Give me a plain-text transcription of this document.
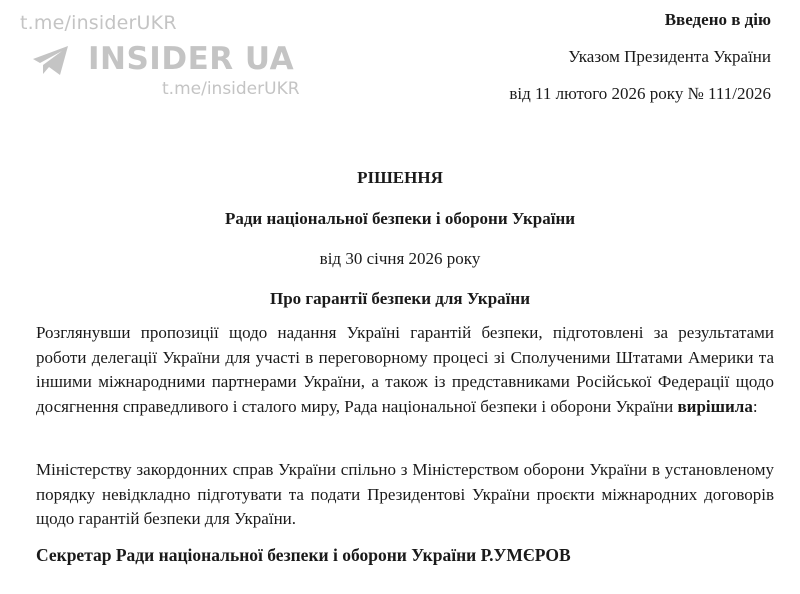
t.me/insiderUKR
INSIDER UA
t.me/insiderUKR
Введено в дію
Указом Президента України
від 11 лютого 2026 року № 111/2026
РІШЕННЯ
Ради національної безпеки і оборони України
від 30 січня 2026 року
Про гарантії безпеки для України
Розглянувши пропозиції щодо надання Україні гарантій безпеки, підготовлені за результатами роботи делегації України для участі в переговорному процесі зі Сполученими Штатами Америки та іншими міжнародними партнерами України, а також із представниками Російської Федерації щодо досягнення справедливого і сталого миру, Рада національної безпеки і оборони України вирішила:
Міністерству закордонних справ України спільно з Міністерством оборони України в установленому порядку невідкладно підготувати та подати Президентові України проєкти міжнародних договорів щодо гарантій безпеки для України.
Секретар Ради національної безпеки і оборони України Р.УМЄРОВ
